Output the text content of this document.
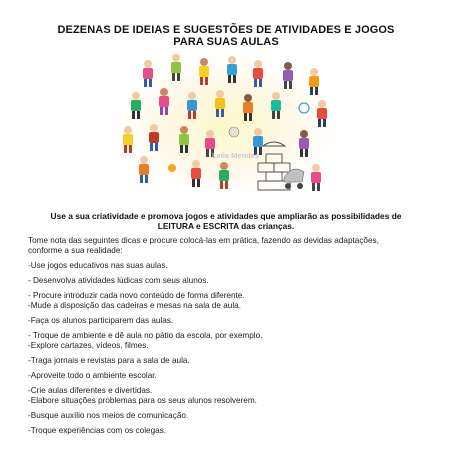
DEZENAS DE IDEIAS E SUGESTÕES DE ATIVIDADES E JOGOS
PARA SUAS AULAS
Leila Mendes
Use a sua criatividade e promova jogos e atividades que ampliarão as possibilidades de
LEITURA e ESCRITA das crianças.
Tome nota das seguintes dicas e procure colocá-las em prática, fazendo as devidas adaptações,
conforme a sua realidade:
-Use jogos educativos nas suas aulas.
- Desenvolva atividades lúdicas com seus alunos.
- Procure introduzir cada novo conteúdo de forma diferente.
-Mude a disposição das cadeiras e mesas na sala de aula.
-Faça os alunos participarem das aulas.
- Troque de ambiente e dê aula no pátio da escola, por exemplo.
-Explore cartazes, vídeos, filmes.
-Traga jornais e revistas para a sala de aula.
-Aproveite todo o ambiente escolar.
-Crie aulas diferentes e divertidas.
-Elabore situações problemas para os seus alunos resolverem.
-Busque auxílio nos meios de comunicação.
-Troque experiências com os colegas.
